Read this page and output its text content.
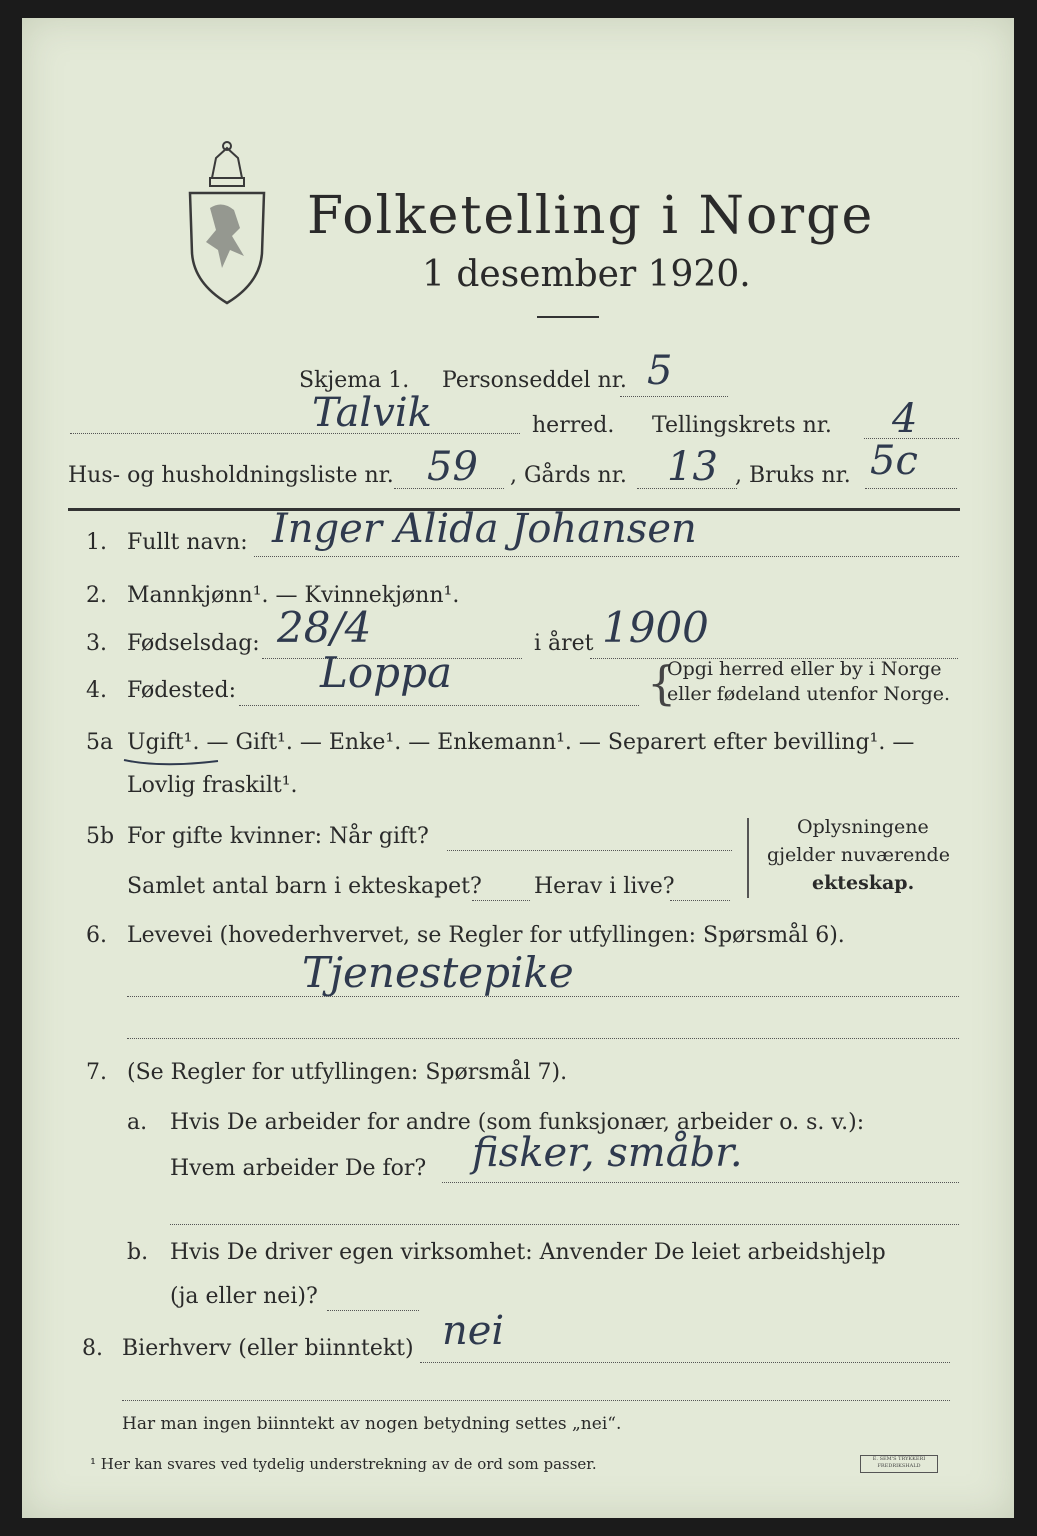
Folketelling i Norge
1 desember 1920.
Skjema 1. Personseddel nr. 5
Talvik	herred. Tellingskrets nr. 4
Hus- og husholdningsliste nr. 59 , Gårds nr. 13 , Bruks nr. 5c
1. Fullt navn: Inger Alida Johansen
2. Mannkjønn¹. — Kvinnekjønn¹.
3. Fødselsdag: 28/4	i året 1900
4. Fødested: Loppa	{
Opgi herred eller by i Norge
eller fødeland utenfor Norge.
5a Ugift¹. — Gift¹. — Enke¹. — Enkemann¹. — Separert efter bevilling¹. —
Lovlig fraskilt¹.
5b For gifte kvinner: Når gift?
Samlet antal barn i ekteskapet? Herav i live?
Oplysningene
gjelder nuværende
ekteskap.
6. Levevei (hovederhvervet, se Regler for utfyllingen: Spørsmål 6).
Tjenestepike
7. (Se Regler for utfyllingen: Spørsmål 7).
a. Hvis De arbeider for andre (som funksjonær, arbeider o. s. v.):
Hvem arbeider De for? fisker, småbr.
b. Hvis De driver egen virksomhet: Anvender De leiet arbeidshjelp
(ja eller nei)?
8. Bierhverv (eller biinntekt) nei
Har man ingen biinntekt av nogen betydning settes „nei“.
¹ Her kan svares ved tydelig understrekning av de ord som passer.	E. SEM'S TRYKKERI FREDRIKSHALD
